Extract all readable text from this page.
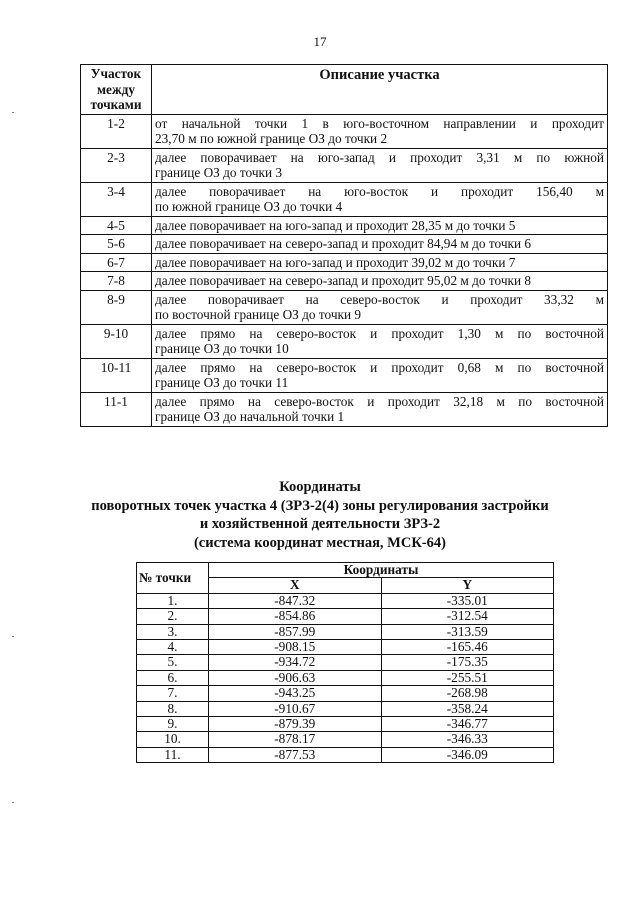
17
Участок
между
точками	Описание участка
1-2	от начальной точки 1 в юго-восточном направлении и проходит
23,70 м по южной границе ОЗ до точки 2

2-3	далее поворачивает на юго-запад и проходит 3,31 м по южной
границе ОЗ до точки 3

3-4	далее поворачивает на юго-восток и проходит 156,40 м
по южной границе ОЗ до точки 4

4-5	далее поворачивает на юго-запад и проходит 28,35 м до точки 5

5-6	далее поворачивает на северо-запад и проходит 84,94 м до точки 6

6-7	далее поворачивает на юго-запад и проходит 39,02 м до точки 7

7-8	далее поворачивает на северо-запад и проходит 95,02 м до точки 8

8-9	далее поворачивает на северо-восток и проходит 33,32 м
по восточной границе ОЗ до точки 9

9-10	далее прямо на северо-восток и проходит 1,30 м по восточной
границе ОЗ до точки 10

10-11	далее прямо на северо-восток и проходит 0,68 м по восточной
границе ОЗ до точки 11

11-1	далее прямо на северо-восток и проходит 32,18 м по восточной
границе ОЗ до начальной точки 1
Координаты
поворотных точек участка 4 (ЗРЗ-2(4) зоны регулирования застройки
и хозяйственной деятельности ЗРЗ-2
(система координат местная, МСК-64)
№ точки	Координаты	
	X	Y
1.	-847.32	-335.01
2.	-854.86	-312.54
3.	-857.99	-313.59
4.	-908.15	-165.46
5.	-934.72	-175.35
6.	-906.63	-255.51
7.	-943.25	-268.98
8.	-910.67	-358.24
9.	-879.39	-346.77
10.	-878.17	-346.33
11.	-877.53	-346.09
